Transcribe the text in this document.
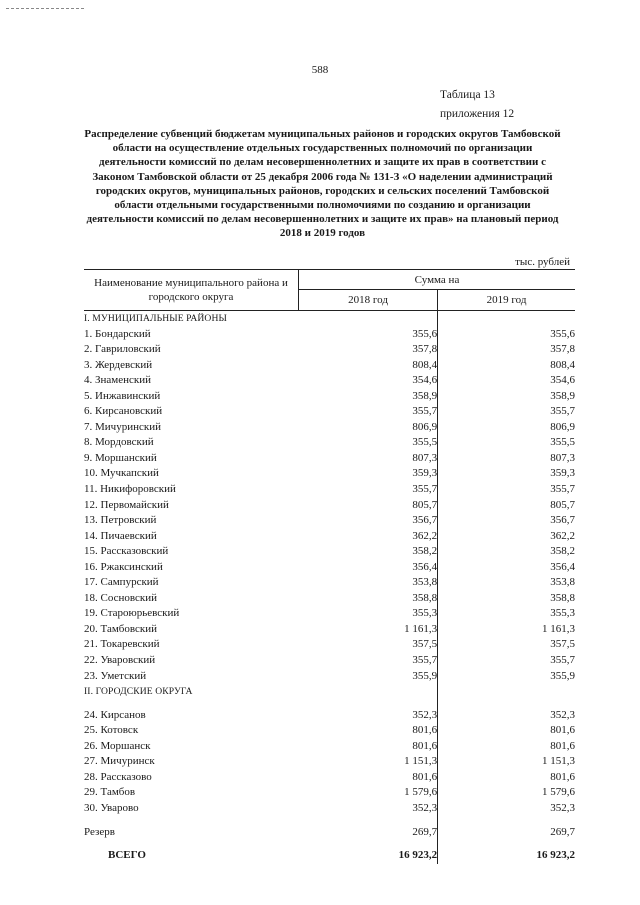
588
Таблица 13
приложения 12
Распределение субвенций бюджетам муниципальных районов и городских округов Тамбовской области на осуществление отдельных государственных полномочий по организации деятельности комиссий по делам несовершеннолетних и защите их прав в соответствии с Законом Тамбовской области от 25 декабря 2006 года № 131-З «О наделении администраций городских округов, муниципальных районов, городских и сельских поселений Тамбовской области отдельными государственными полномочиями по созданию и организации деятельности комиссий по делам несовершеннолетних и защите их прав» на плановый период 2018 и 2019 годов
тыс. рублей
Наименование муниципального района и городского округа	Сумма на	
	2018 год	2019 год
I. МУНИЦИПАЛЬНЫЕ РАЙОНЫ		
1. Бондарский	355,6	355,6
2. Гавриловский	357,8	357,8
3. Жердевский	808,4	808,4
4. Знаменский	354,6	354,6
5. Инжавинский	358,9	358,9
6. Кирсановский	355,7	355,7
7. Мичуринский	806,9	806,9
8. Мордовский	355,5	355,5
9. Моршанский	807,3	807,3
10. Мучкапский	359,3	359,3
11. Никифоровский	355,7	355,7
12. Первомайский	805,7	805,7
13. Петровский	356,7	356,7
14. Пичаевский	362,2	362,2
15. Рассказовский	358,2	358,2
16. Ржаксинский	356,4	356,4
17. Сампурский	353,8	353,8
18. Сосновский	358,8	358,8
19. Староюрьевский	355,3	355,3
20. Тамбовский	1 161,3	1 161,3
21. Токаревский	357,5	357,5
22. Уваровский	355,7	355,7
23. Уметский	355,9	355,9
II. ГОРОДСКИЕ ОКРУГА		

24. Кирсанов	352,3	352,3
25. Котовск	801,6	801,6
26. Моршанск	801,6	801,6
27. Мичуринск	1 151,3	1 151,3
28. Рассказово	801,6	801,6
29. Тамбов	1 579,6	1 579,6
30. Уварово	352,3	352,3

Резерв	269,7	269,7

ВСЕГО	16 923,2	16 923,2
